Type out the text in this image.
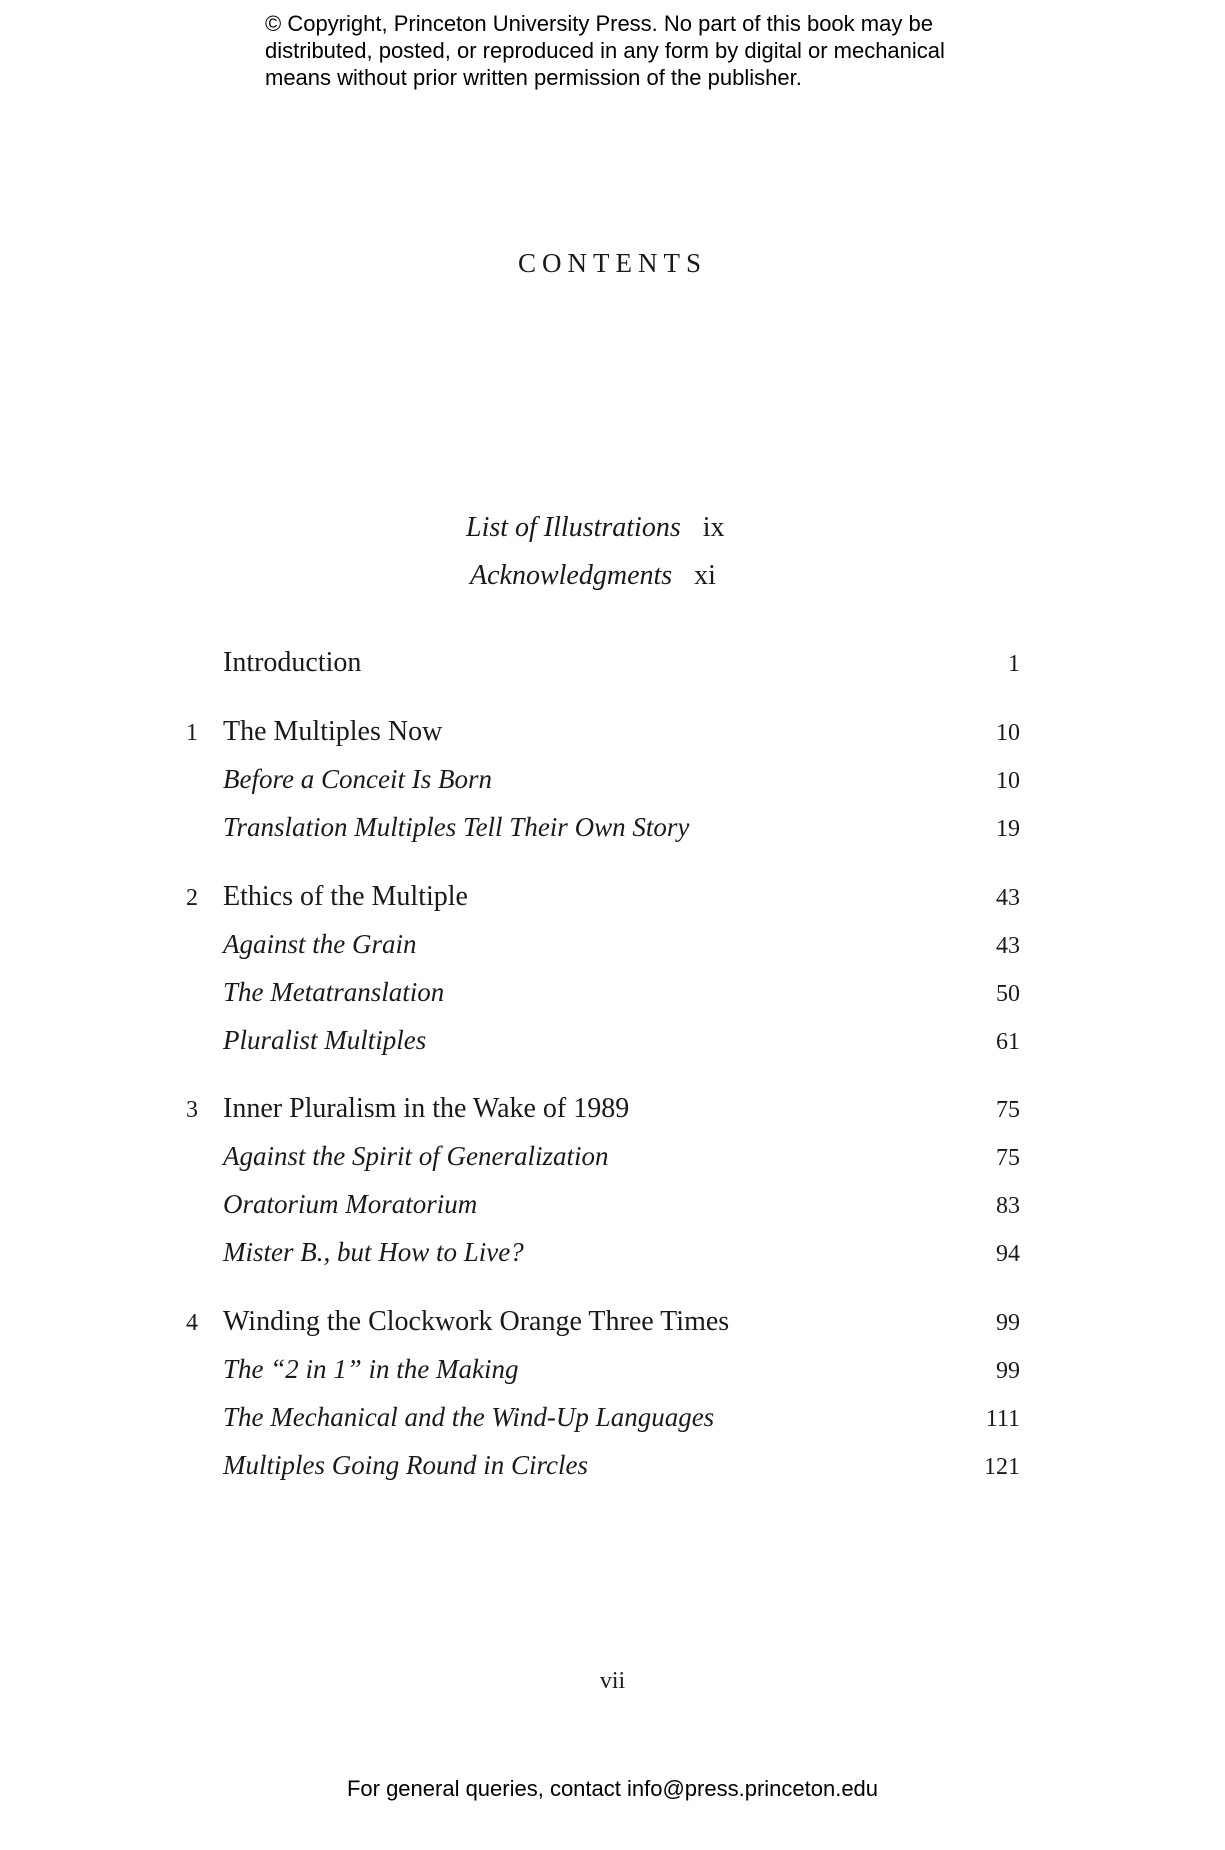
© Copyright, Princeton University Press. No part of this book may be
distributed, posted, or reproduced in any form by digital or mechanical
means without prior written permission of the publisher.
CONTENTS
List of Illustrations ix
Acknowledgments xi
Introduction	1
1 The Multiples Now	10
Before a Conceit Is Born	10
Translation Multiples Tell Their Own Story	19
2 Ethics of the Multiple	43
Against the Grain	43
The Metatranslation	50
Pluralist Multiples	61
3 Inner Pluralism in the Wake of 1989	75
Against the Spirit of Generalization	75
Oratorium Moratorium	83
Mister B., but How to Live?	94
4 Winding the Clockwork Orange Three Times	99
The “2 in 1” in the Making	99
The Mechanical and the Wind-Up Languages	111
Multiples Going Round in Circles	121
vii
For general queries, contact info@press.princeton.edu
